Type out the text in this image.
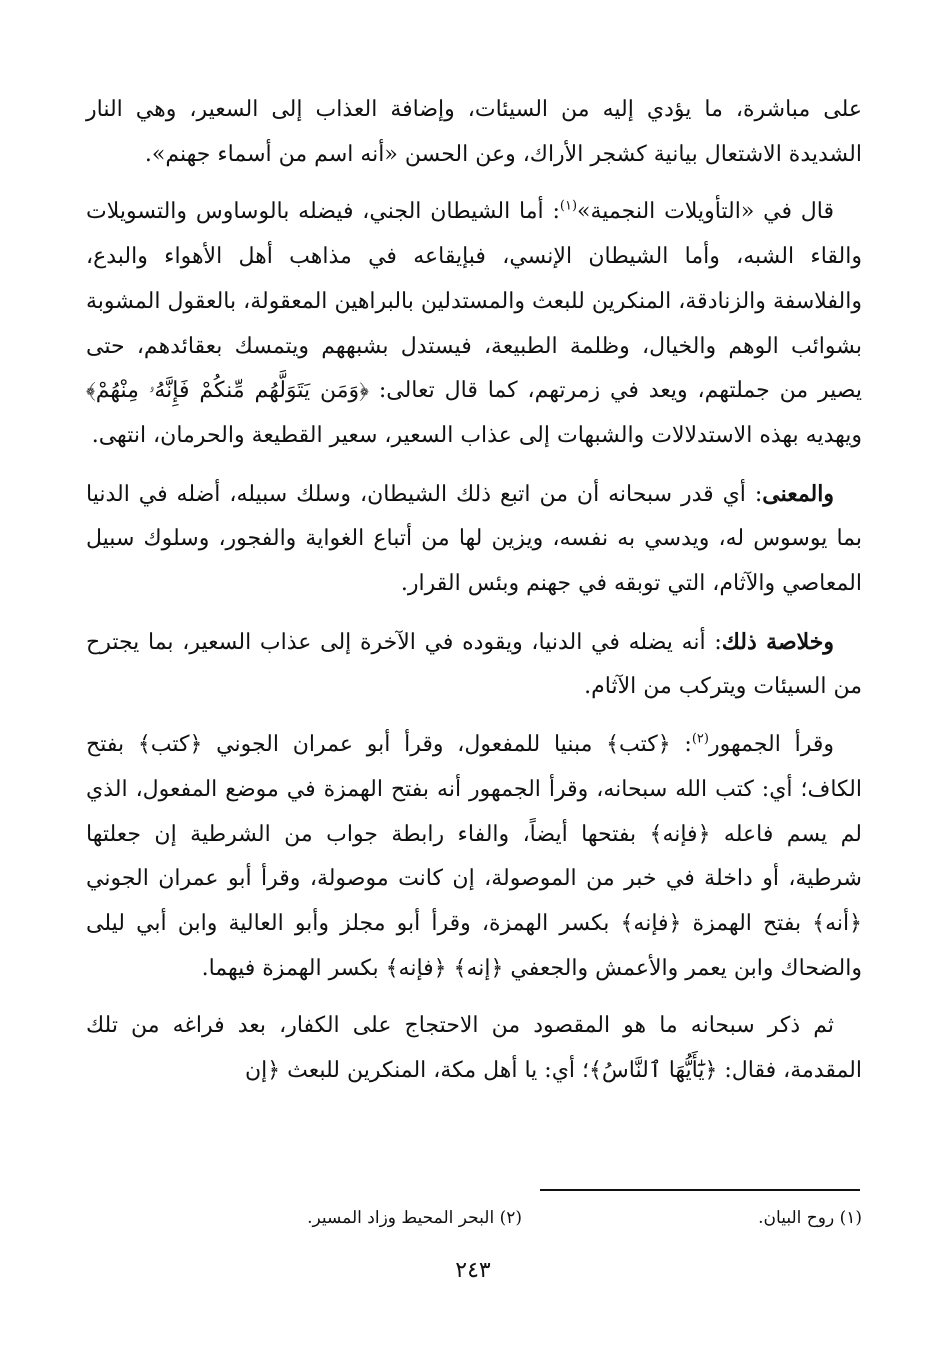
على مباشرة، ما يؤدي إليه من السيئات، وإضافة العذاب إلى السعير، وهي النار الشديدة الاشتعال بيانية كشجر الأراك، وعن الحسن «أنه اسم من أسماء جهنم».

قال في «التأويلات النجمية»$^{(١)}$: أما الشيطان الجني، فيضله بالوساوس والتسويلات والقاء الشبه، وأما الشيطان الإنسي، فبإيقاعه في مذاهب أهل الأهواء والبدع، والفلاسفة والزنادقة، المنكرين للبعث والمستدلين بالبراهين المعقولة، بالعقول المشوبة بشوائب الوهم والخيال، وظلمة الطبيعة، فيستدل بشبههم ويتمسك بعقائدهم، حتى يصير من جملتهم، ويعد في زمرتهم، كما قال تعالى: ﴿وَمَن يَتَوَلَّهُم مِّنكُمْ فَإِنَّهُۥ مِنْهُمْ﴾ ويهديه بهذه الاستدلالات والشبهات إلى عذاب السعير، سعير القطيعة والحرمان، انتهى.

والمعنى: أي قدر سبحانه أن من اتبع ذلك الشيطان، وسلك سبيله، أضله في الدنيا بما يوسوس له، ويدسي به نفسه، ويزين لها من أتباع الغواية والفجور، وسلوك سبيل المعاصي والآثام، التي توبقه في جهنم وبئس القرار.

وخلاصة ذلك: أنه يضله في الدنيا، ويقوده في الآخرة إلى عذاب السعير، بما يجترح من السيئات ويتركب من الآثام.

وقرأ الجمهور$^{(٢)}$: ﴿كتب﴾ مبنيا للمفعول، وقرأ أبو عمران الجوني ﴿كتب﴾ بفتح الكاف؛ أي: كتب الله سبحانه، وقرأ الجمهور أنه بفتح الهمزة في موضع المفعول، الذي لم يسم فاعله ﴿فإنه﴾ بفتحها أيضاً، والفاء رابطة جواب من الشرطية إن جعلتها شرطية، أو داخلة في خبر من الموصولة، إن كانت موصولة، وقرأ أبو عمران الجوني ﴿أنه﴾ بفتح الهمزة ﴿فإنه﴾ بكسر الهمزة، وقرأ أبو مجلز وأبو العالية وابن أبي ليلى والضحاك وابن يعمر والأعمش والجعفي ﴿إنه﴾ ﴿فإنه﴾ بكسر الهمزة فيهما.

ثم ذكر سبحانه ما هو المقصود من الاحتجاج على الكفار، بعد فراغه من تلك المقدمة، فقال: ﴿يَٰٓأَيُّهَا ٱلنَّاسُ﴾؛ أي: يا أهل مكة، المنكرين للبعث ﴿إن

(١) روح البيان.
(٢) البحر المحيط وزاد المسير.
٢٤٣
